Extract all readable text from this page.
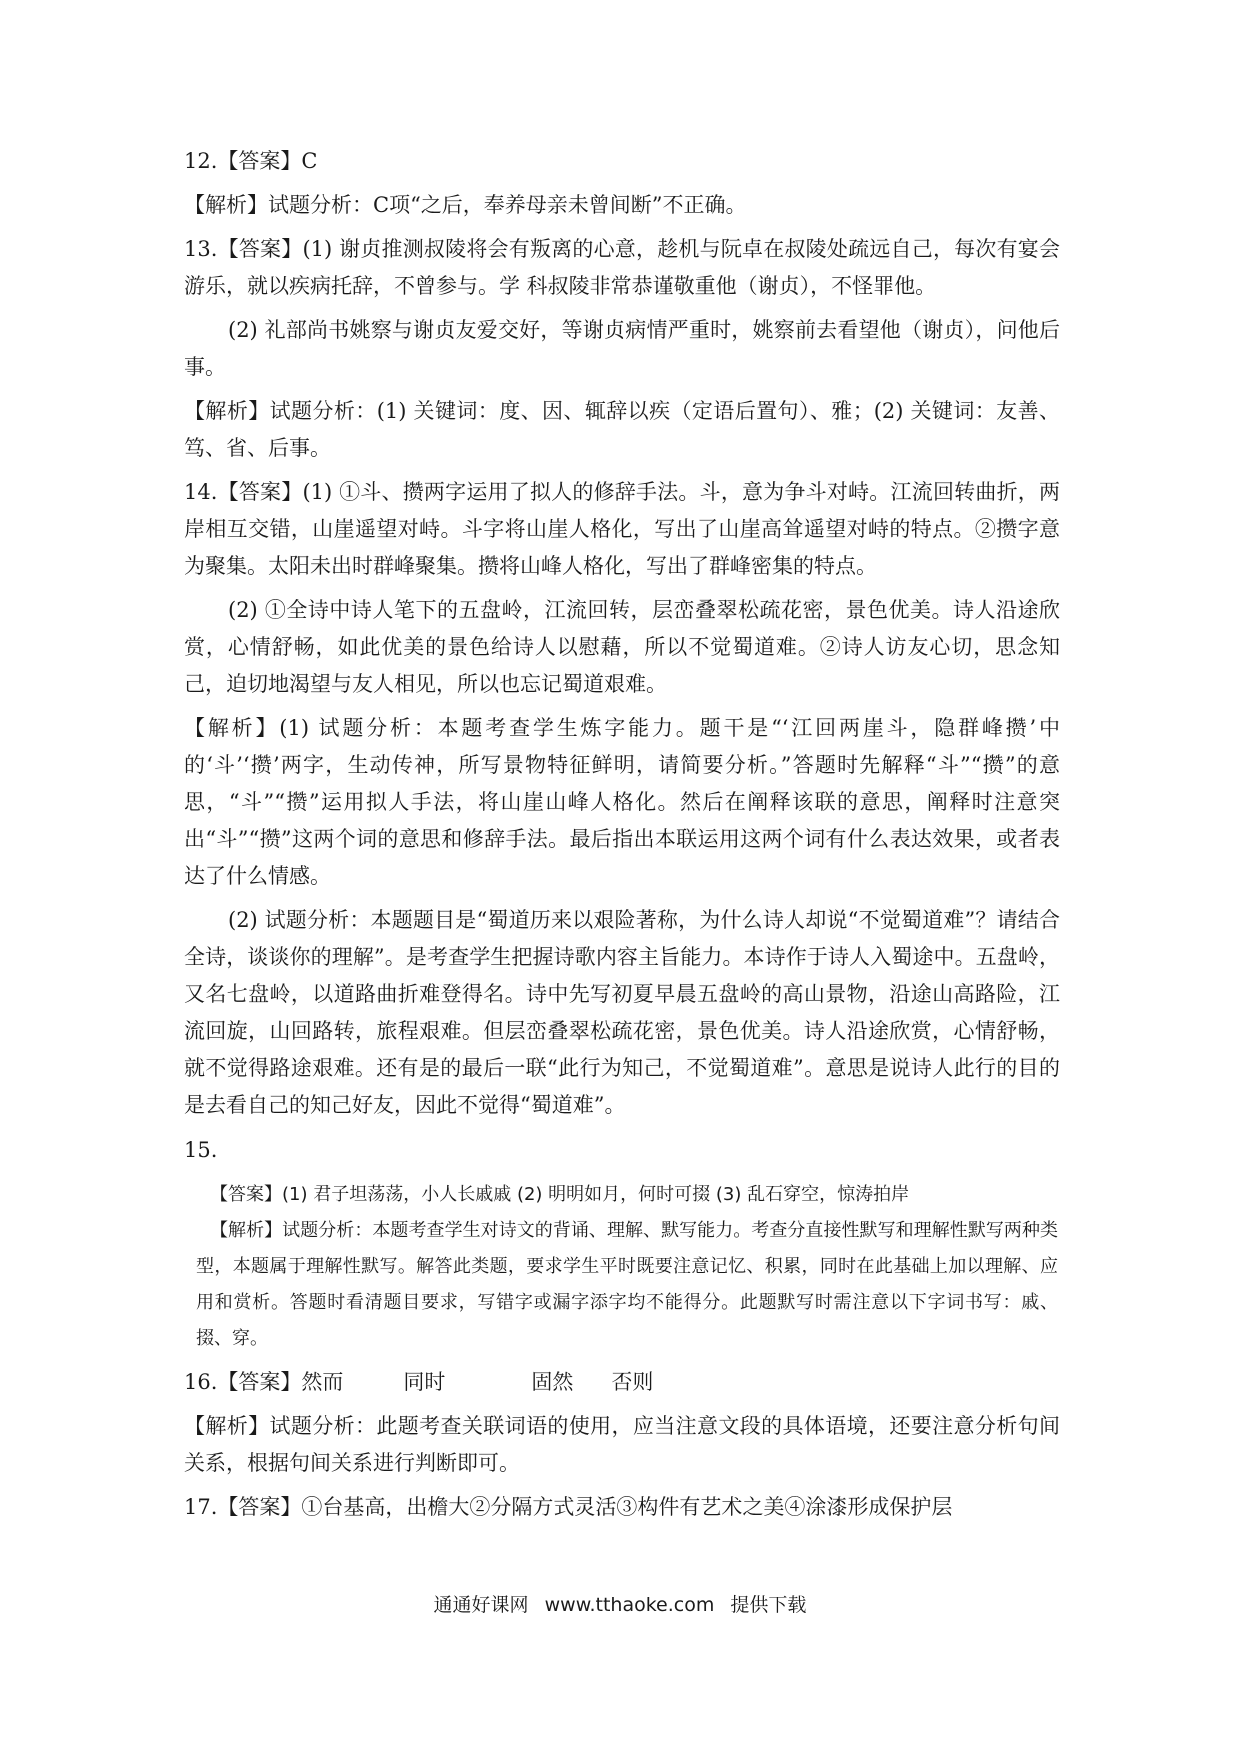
12.【答案】C

【解析】试题分析：C项“之后，奉养母亲未曾间断”不正确。

13.【答案】(1) 谢贞推测叔陵将会有叛离的心意，趁机与阮卓在叔陵处疏远自己，每次有宴会游乐，就以疾病托辞，不曾参与。学 科叔陵非常恭谨敬重他（谢贞），不怪罪他。

(2) 礼部尚书姚察与谢贞友爱交好，等谢贞病情严重时，姚察前去看望他（谢贞），问他后事。

【解析】试题分析：(1) 关键词：度、因、辄辞以疾（定语后置句）、雅；(2) 关键词：友善、笃、省、后事。

14.【答案】(1) ①斗、攒两字运用了拟人的修辞手法。斗，意为争斗对峙。江流回转曲折，两岸相互交错，山崖遥望对峙。斗字将山崖人格化，写出了山崖高耸遥望对峙的特点。②攒字意为聚集。太阳未出时群峰聚集。攒将山峰人格化，写出了群峰密集的特点。

(2) ①全诗中诗人笔下的五盘岭，江流回转，层峦叠翠松疏花密，景色优美。诗人沿途欣赏，心情舒畅，如此优美的景色给诗人以慰藉，所以不觉蜀道难。②诗人访友心切，思念知己，迫切地渴望与友人相见，所以也忘记蜀道艰难。

【解析】(1) 试题分析：本题考查学生炼字能力。题干是“‘江回两崖斗，隐群峰攒’中的‘斗’‘攒’两字，生动传神，所写景物特征鲜明，请简要分析。”答题时先解释“斗”“攒”的意思，“斗”“攒”运用拟人手法，将山崖山峰人格化。然后在阐释该联的意思，阐释时注意突出“斗”“攒”这两个词的意思和修辞手法。最后指出本联运用这两个词有什么表达效果，或者表达了什么情感。

(2) 试题分析：本题题目是“蜀道历来以艰险著称，为什么诗人却说“不觉蜀道难”？请结合全诗，谈谈你的理解”。是考查学生把握诗歌内容主旨能力。本诗作于诗人入蜀途中。五盘岭，又名七盘岭，以道路曲折难登得名。诗中先写初夏早晨五盘岭的高山景物，沿途山高路险，江流回旋，山回路转，旅程艰难。但层峦叠翠松疏花密，景色优美。诗人沿途欣赏，心情舒畅，就不觉得路途艰难。还有是的最后一联“此行为知己，不觉蜀道难”。意思是说诗人此行的目的是去看自己的知己好友，因此不觉得“蜀道难”。

15.

【答案】(1) 君子坦荡荡，小人长戚戚 (2) 明明如月，何时可掇 (3) 乱石穿空，惊涛拍岸

【解析】试题分析：本题考查学生对诗文的背诵、理解、默写能力。考查分直接性默写和理解性默写两种类型，本题属于理解性默写。解答此类题，要求学生平时既要注意记忆、积累，同时在此基础上加以理解、应用和赏析。答题时看清题目要求，写错字或漏字添字均不能得分。此题默写时需注意以下字词书写：戚、掇、穿。

16.【答案】然而	同时	固然 否则

【解析】试题分析：此题考查关联词语的使用，应当注意文段的具体语境，还要注意分析句间关系，根据句间关系进行判断即可。

17.【答案】①台基高，出檐大②分隔方式灵活③构件有艺术之美④涂漆形成保护层

通通好课网 www.tthaoke.com 提供下载
